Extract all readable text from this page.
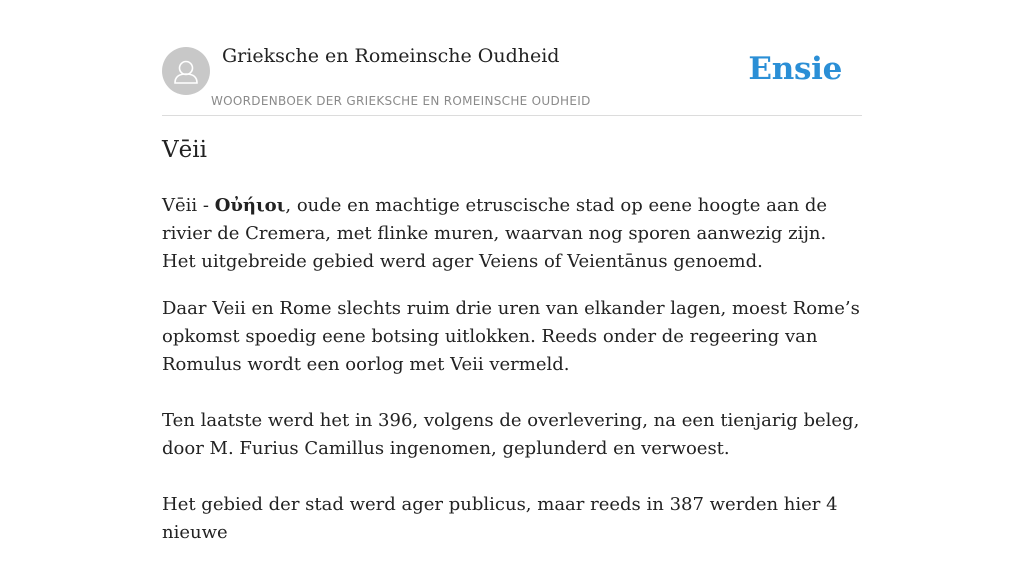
Grieksche en Romeinsche Oudheid
WOORDENBOEK DER GRIEKSCHE EN ROMEINSCHE OUDHEID
Ensie
Vēii

Vēii - Οὐήιοι, oude en machtige etruscische stad op eene hoogte aan de rivier de Cremera, met flinke muren, waarvan nog sporen aanwezig zijn. Het uitgebreide gebied werd ager Veiens of Veientānus genoemd.

Daar Veii en Rome slechts ruim drie uren van elkander lagen, moest Rome’s opkomst spoedig eene botsing uitlokken. Reeds onder de regeering van Romulus wordt een oorlog met Veii vermeld.

Ten laatste werd het in 396, volgens de overlevering, na een tienjarig beleg, door M. Furius Camillus ingenomen, geplunderd en verwoest.

Het gebied der stad werd ager publicus, maar reeds in 387 werden hier 4 nieuwe
